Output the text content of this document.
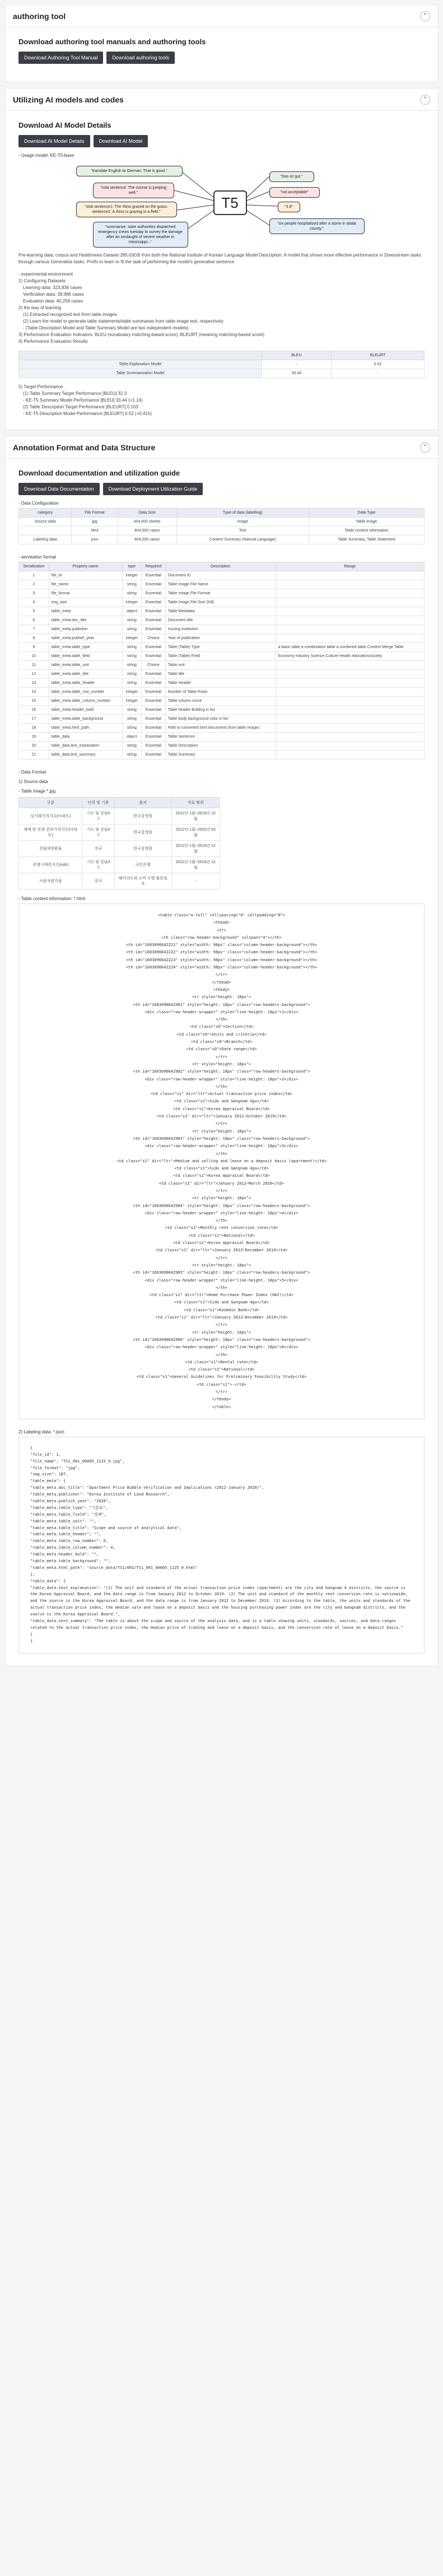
authoring tool	⌃
Download authoring tool manuals and authoring tools
Download Authoring Tool Manual	Download authoring tools
Utilizing AI models and codes	⌃
Download AI Model Details
Download AI Model Details	Download AI Model
- Usage model: KE-T5-base
"translate English to German: That is good."
"cola sentence: The course is jumping well."
"stsb sentence1: The rhino grazed on the grass. sentence2: A rhino is grazing in a field."
"summarize: state authorities dispatched emergency crews tuesday to survey the damage after an onslaught of severe weather in mississippi..."
T5
"Das ist gut."
"not acceptable"
"3.8"
"six people hospitalized after a storm in attala county."

Pre-learning data: corpus and Healthnews Dataset 285.03GB from both the National Institute of Korean Language Model Description: A model that shows more effective performance in Downstream tasks through various Generative tasks. Prefix to learn to fit the task of performing the model's generative sentence

- experimental environment
1) Configuring Datasets
Learning data: 323,836 cases
Verification data: 39,986 cases
Evaluation data: 40,258 cases
2) the way of learning
(1) Extracted recognized text from table images
(2) Learn the model to generate table statements/table summaries from table image text, respectively
- (Table Description Model and Table Summary Model are two independent models)
3) Performance Evaluation Indicators: BLEU (vocabulary matching-based score), BLEURT (meaning matching-based score)
4) Performance Evaluation Results
	BLEU	BLEURT
Table Explanation Model	-	0.52
Table Summarization Model	33.44	-
5) Target Performance
(1) Table Summary Target Performance [BLEU] 32.3
- KE-T5 Summary Model Performance [BLEU] 33.44 (+1.14)
(2) Table Description Target Performance [BLEURT] 0.103
- KE-T5 Description Model Performance [BLEURT] 0.52 (+0.415)
Annotation Format and Data Structure	⌃
Download documentation and utilization guide
Download Data Documentation	Download Deployment Utilization Guide
- Data Configuration
category	File Format	Data Size	Type of data (labelling)	Data Type
Source data	jpg	404,000 sheets	Image	Table image
	html	404,000 cases	Text	Table content information
Labeling data	json	404,000 cases	Content Summary (Natural Language)	Table Summary, Table Statement
- annotation format
Serialization	Property name	type	Required	Description	Range
1	file_id	integer	Essential	Document ID	
2	file_name	string	Essential	Table Image File Name	
3	file_format	string	Essential	Table Image File Format	
4	img_size	integer	Essential	Table Image File Size (KB)	
5	table_meta	object	Essential	Table Metadata	
6	table_meta.doc_title	string	Essential	Document title	
7	table_meta.publisher	string	Essential	Issuing Institution	
8	table_meta.publish_year	integer	Choice	Year of publication	
9	table_meta.table_type	string	Essential	Table (Table) Type	a basic table a combination table a combined table Content Merge Table
10	table_meta.table_field	string	Essential	Table (Table) Field	Economy Industry Science Culture Health education/society
11	table_meta.table_unit	string	Choice	Table unit	
12	table_meta.table_title	string	Essential	Table title	
13	table_meta.table_header	string	Essential	Table Header	
14	table_meta.table_row_number	integer	Essential	Number of Table Rows	
15	table_meta.table_column_number	integer	Essential	Table column count	
16	table_meta.header_bold	string	Essential	Table header Bolding in list	
17	table_meta.table_background	string	Essential	Table body background color in list	
18	table_meta.html_path	string	Essential	Path to converted html documents from table images	
19	table_data	object	Essential	Table Sentence	
20	table_data.text_explanation	string	Essential	Table Description	
21	table_data.text_summary	string	Essential	Table Summary	
- Data Format
1) Source data
- Table image *.jpg
구분	단위 및 기준	출처	자료 범위
실거래가격지수(아파트)	시도 및 강남4구	한국감정원	2012년 1월~2019년 10월
매매 및 전세 증위가격지수(아파트)	시도 및 강남4구	한국감정원	2012년 1월~2020년 03월
전월세전환율	전국	한국감정원	2012년 1월~2019년 12월
주택구매력지수(HAI)	시도 및 강남4구	국민은행	2012년 1월~2019년 12월
사용자평가율	전국	헤어리도와 소비 수행 출동업자	-
- Table content information: *.html
<table class="w-full" cellspacing="0" cellpadding="0">
<thead>
<tr>
<th class="row-header-background" colspan="4"></th>
<th id="1603096642221" style="width: 98px" class="column-header-background"></th>
<th id="1603096642222" style="width: 98px" class="column-header-background"></th>
<th id="1603096642223" style="width: 98px" class="column-header-background"></th>
<th id="1603096642224" style="width: 98px" class="column-header-background"></th>
</tr>
</thead>
<tbody>
<tr style="height: 18px">
<th id="1603096642981" style="height: 18px" class="row-headers-background">
<div class="row-header-wrapper" style="line-height: 18px">1</div>
</th>
<td class="s0">Section</td>
<td class="s0">Units and criteria</td>
<td class="s0">Branch</td>
<td class="s0">Date range</td>
</tr>
<tr style="height: 18px">
<th id="1603096642982" style="height: 18px" class="row-headers-background">
<div class="row-header-wrapper" style="line-height: 18px">2</div>
</th>
<td class="s1" dir="ltr">Actual transaction price index</td>
<td class="s1">Sido and Gangnam 4gu</td>
<td class="s1">Korea Appraisal Board</td>
<td class="s1" dir="ltr">January 2012~October 2019</td>
</tr>
<tr style="height: 18px">
<th id="1603096642983" style="height: 18px" class="row-headers-background">
<div class="row-header-wrapper" style="line-height: 18px">3</div>
</th>
<td class="s1" dir="ltr">Medium and selling and lease on a deposit basis (apartment)</td>
<td class="s1">Sido and Gangnam 4gu</td>
<td class="s1">Korea Appraisal Board</td>
<td class="s1" dir="ltr">January 2012~March 2020</td>
</tr>
<tr style="height: 18px">
<th id="1603096642984" style="height: 18px" class="row-headers-background">
<div class="row-header-wrapper" style="line-height: 18px">4</div>
</th>
<td class="s1">Monthly rent conversion rate</td>
<td class="s1">National</td>
<td class="s1">Korea Appraisal Board</td>
<td class="s1" dir="ltr">January 2012~December 2019</td>
</tr>
<tr style="height: 18px">
<th id="1603096642985" style="height: 18px" class="row-headers-background">
<div class="row-header-wrapper" style="line-height: 18px">5</div>
</th>
<td class="s1" dir="ltr">Home Purchase Power Index (HAI)</td>
<td class="s1">Sido and Gangnam 4gu</td>
<td class="s1">Kookmin Bank</td>
<td class="s1" dir="ltr">January 2012~December 2019</td>
</tr>
<tr style="height: 18px">
<th id="1603096642986" style="height: 18px" class="row-headers-background">
<div class="row-header-wrapper" style="line-height: 18px">6</div>
</th>
<td class="s1">Rental rate</td>
<td class="s1">National</td>
<td class="s1">General Guidelines for Preliminary Feasibility Study</td>
<td class="s1">-</td>
</tr>
</tbody>
</table>
2) Labeling data: *.json
{
"file_id": 1,
"file_name": "TS1_001_00005_1125_0.jpg",
"file_format": "jpg",
"img_size": 187,
"table_meta": {
"table_meta.doc_title": "Apartment Price Bubble Verification and Implications (2012-January 2020)",
"table_meta.publisher": "Korea Institute of Land Research",
"table_meta.publish_year": "2020",
"table_meta.table_type": "기본표",
"table_meta.table_field": "경제",
"table_meta.table_unit": "",
"table_meta.table_title": "Scope and source of analytical data",
"table_meta.table_header": "",
"table_meta.table_row_number": 6,
"table_meta.table_column_number": 4,
"table_meta.header_bold": "",
"table_meta.table_background": "",
"table_meta.html_path": "source_data/TS1/001/TS1_001_00005_1125_0.html"
},
"table_data": {
"table_data.text_explanation": "(1) The unit and standard of the actual transaction price index (apartment) are the city and Gangnam 4 districts, the source is the Korea Appraisal Board, and the data range is from January 2012 to October 2019. (2) The unit and standard of the monthly rent conversion rate is nationwide, and the source is the Korea Appraisal Board, and the data range is from January 2012 to December 2019. (3) According to the table, the units and standards of the actual transaction price index, the median sale and lease on a deposit basis and the housing purchasing power index are the city and Gangnam districts, and the source is the Korea Appraisal Board.",
"table_data.text_summary": "The table is about the scope and source of the analysis data, and is a table showing units, standards, sources, and data ranges related to the actual transaction price index, the median price of trading and lease on a deposit basis, and the conversion rate of lease on a deposit basis."
}
}
